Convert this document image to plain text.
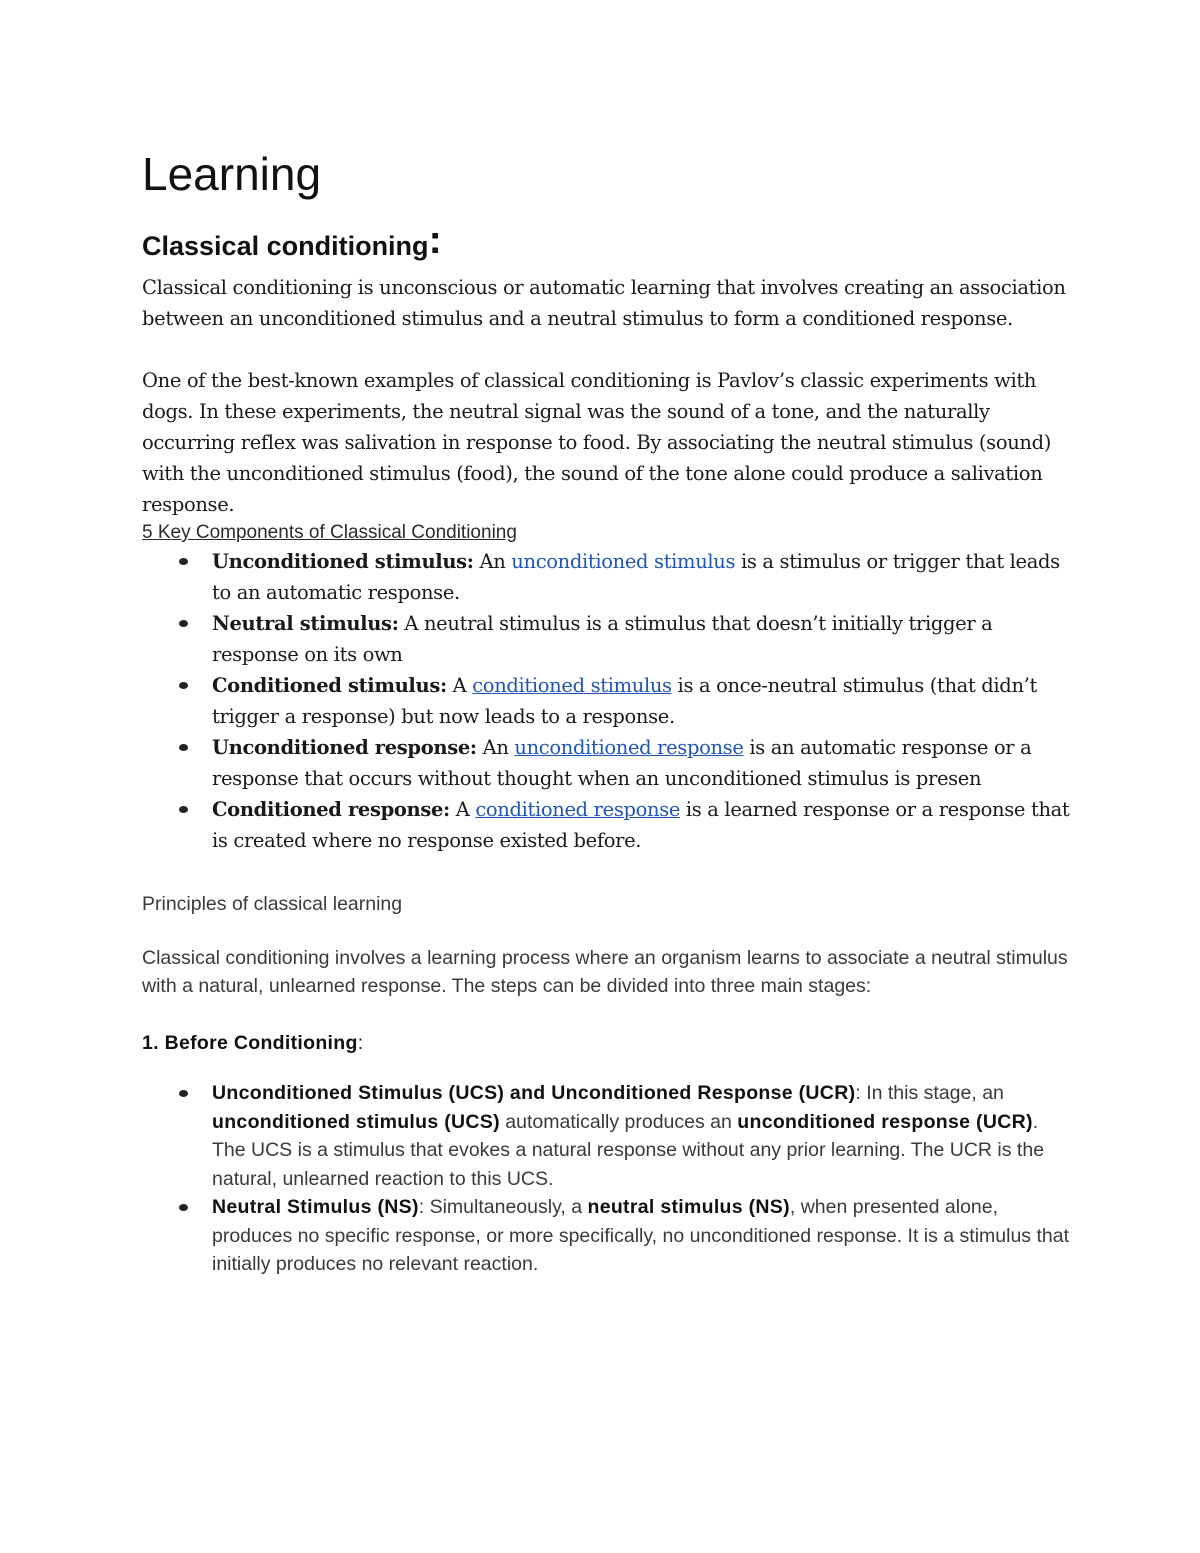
Learning
Classical conditioning:

Classical conditioning is unconscious or automatic learning that involves creating an association between an unconditioned stimulus and a neutral stimulus to form a conditioned response.

One of the best-known examples of classical conditioning is Pavlov’s classic experiments with dogs. In these experiments, the neutral signal was the sound of a tone, and the naturally occurring reflex was salivation in response to food. By associating the neutral stimulus (sound) with the unconditioned stimulus (food), the sound of the tone alone could produce a salivation response.

5 Key Components of Classical Conditioning

Unconditioned stimulus: An unconditioned stimulus is a stimulus or trigger that leads to an automatic response.
Neutral stimulus: A neutral stimulus is a stimulus that doesn’t initially trigger a response on its own
Conditioned stimulus: A conditioned stimulus is a once-neutral stimulus (that didn’t trigger a response) but now leads to a response.
Unconditioned response: An unconditioned response is an automatic response or a response that occurs without thought when an unconditioned stimulus is presen
Conditioned response: A conditioned response is a learned response or a response that is created where no response existed before.

Principles of classical learning

Classical conditioning involves a learning process where an organism learns to associate a neutral stimulus with a natural, unlearned response. The steps can be divided into three main stages:

1. Before Conditioning:

Unconditioned Stimulus (UCS) and Unconditioned Response (UCR): In this stage, an unconditioned stimulus (UCS) automatically produces an unconditioned response (UCR). The UCS is a stimulus that evokes a natural response without any prior learning. The UCR is the natural, unlearned reaction to this UCS.
Neutral Stimulus (NS): Simultaneously, a neutral stimulus (NS), when presented alone, produces no specific response, or more specifically, no unconditioned response. It is a stimulus that initially produces no relevant reaction.
